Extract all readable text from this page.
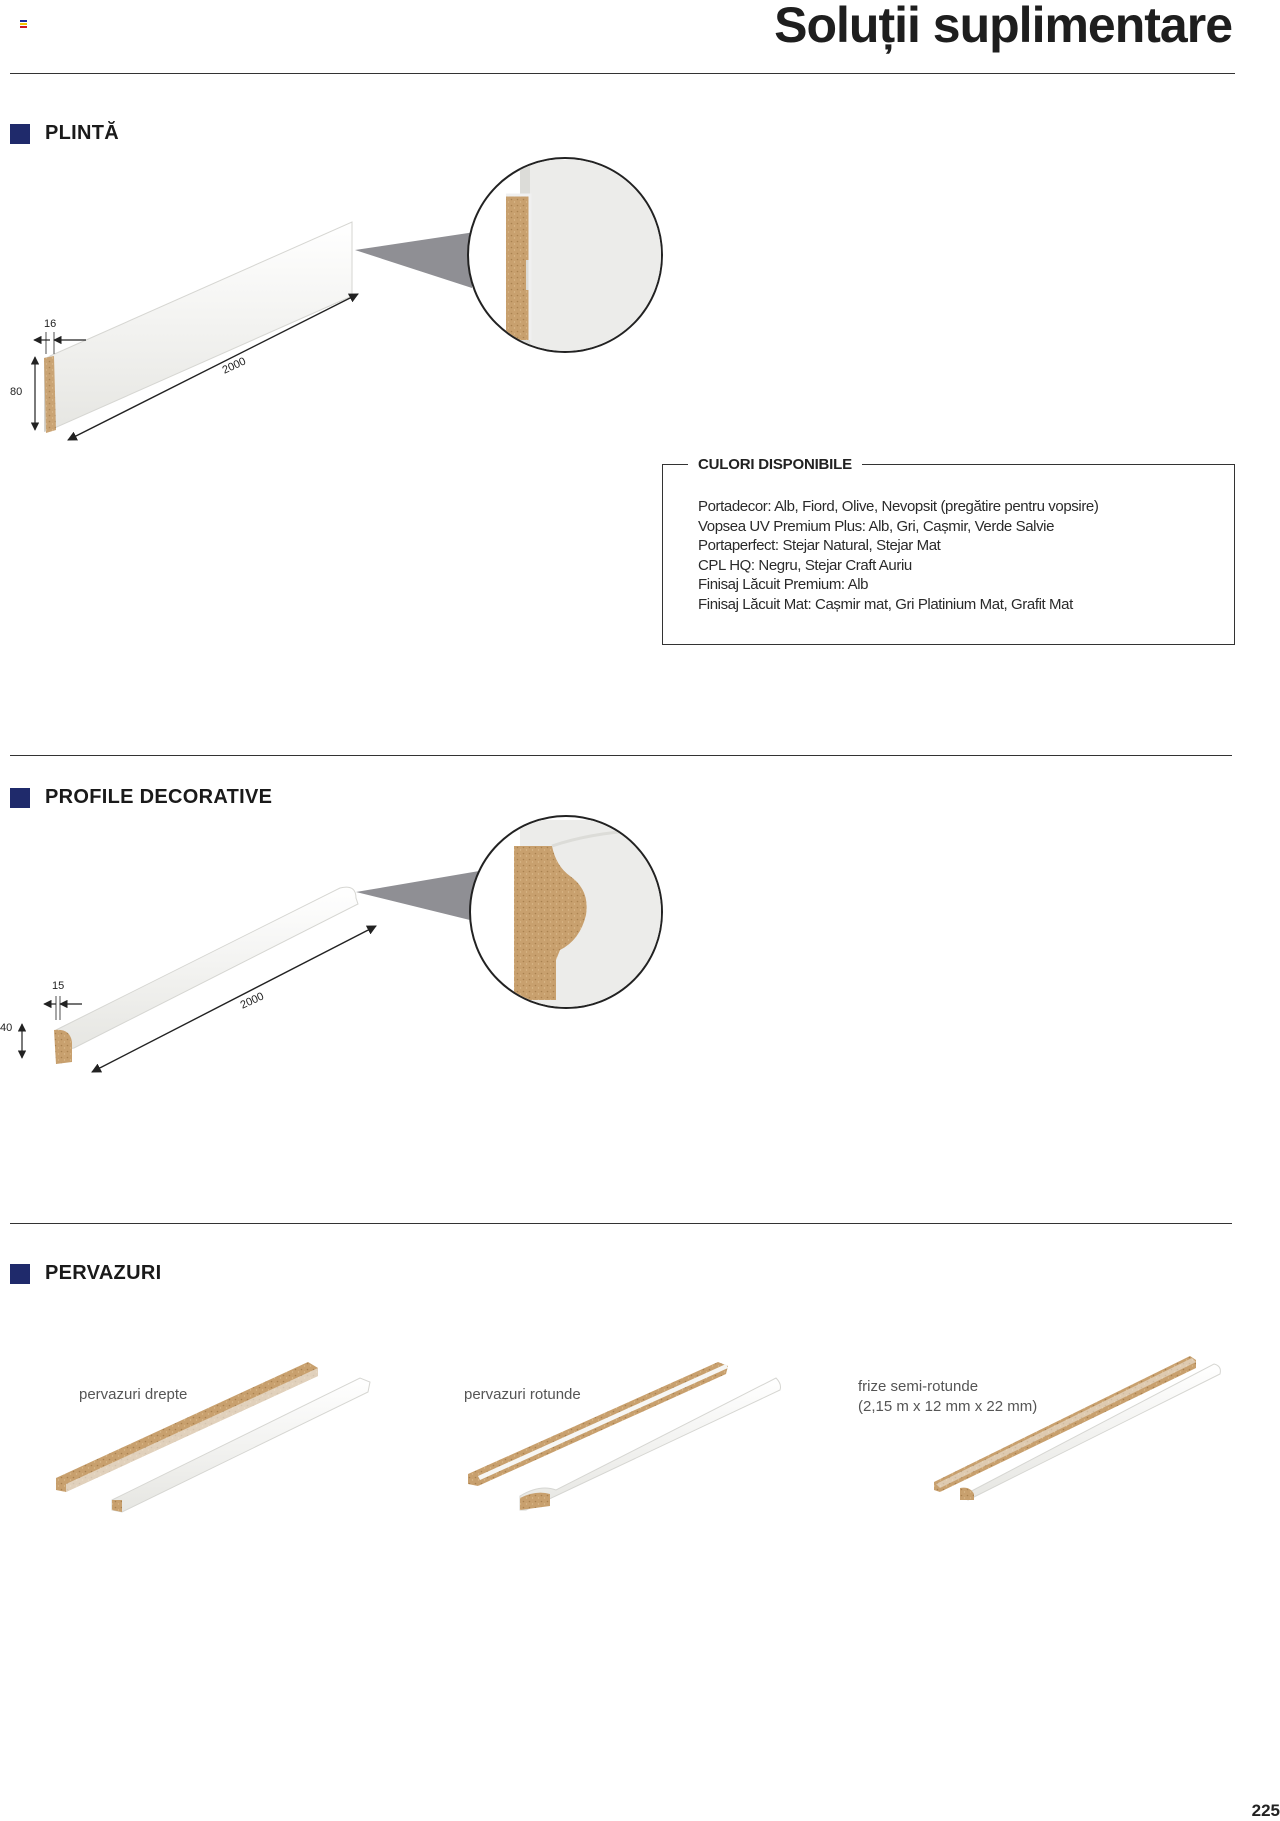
Soluții suplimentare
PLINTĂ
16
80
2000
CULORI DISPONIBILE
Portadecor: Alb, Fiord, Olive, Nevopsit (pregătire pentru vopsire)
Vopsea UV Premium Plus: Alb, Gri, Cașmir, Verde Salvie
Portaperfect: Stejar Natural, Stejar Mat
CPL HQ: Negru, Stejar Craft Auriu
Finisaj Lăcuit Premium: Alb
Finisaj Lăcuit Mat: Cașmir mat, Gri Platinium Mat, Grafit Mat
PROFILE DECORATIVE
15
40
2000
PERVAZURI
pervazuri drepte	pervazuri rotunde	frize semi-rotunde
(2,15 m x 12 mm x 22 mm)
225
